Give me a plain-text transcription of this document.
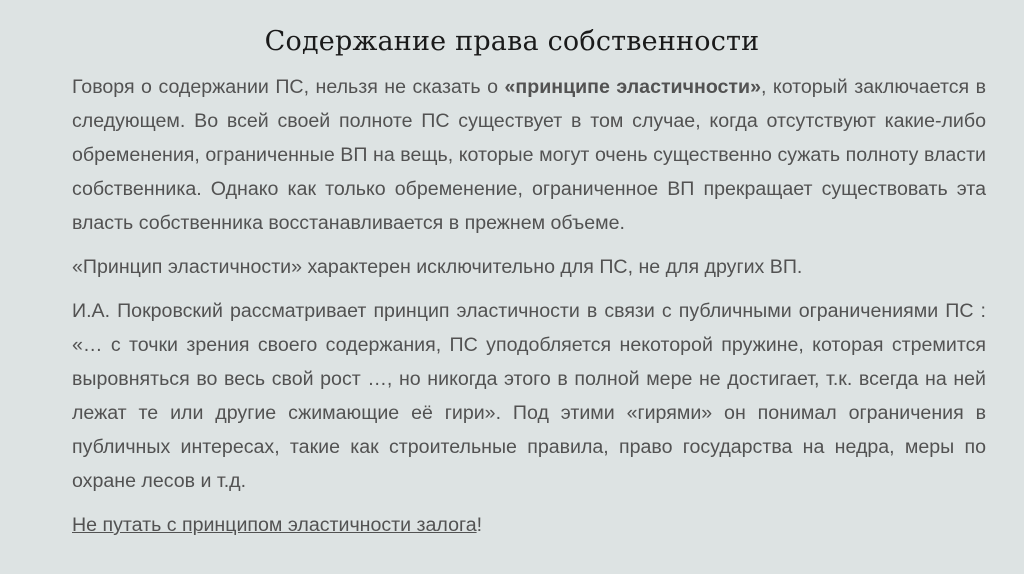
Содержание права собственности

Говоря о содержании ПС, нельзя не сказать о «принципе эластичности», который заключается в следующем. Во всей своей полноте ПС существует в том случае, когда отсутствуют какие-либо обременения, ограниченные ВП на вещь, которые могут очень существенно сужать полноту власти собственника. Однако как только обременение, ограниченное ВП прекращает существовать эта власть собственника восстанавливается в прежнем объеме.

«Принцип эластичности» характерен исключительно для ПС, не для других ВП.

И.А. Покровский рассматривает принцип эластичности в связи с публичными ограничениями ПС : «… с точки зрения своего содержания, ПС уподобляется некоторой пружине, которая стремится выровняться во весь свой рост …, но никогда этого в полной мере не достигает, т.к. всегда на ней лежат те или другие сжимающие её гири». Под этими «гирями» он понимал ограничения в публичных интересах, такие как строительные правила, право государства на недра, меры по охране лесов и т.д.

Не путать с принципом эластичности залога!
